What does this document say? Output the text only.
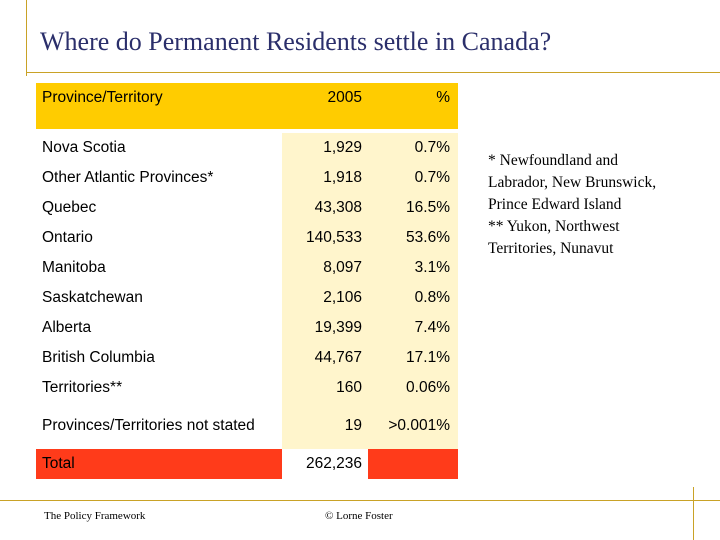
Where do Permanent Residents settle in Canada?
Province/Territory	2005	%

Nova Scotia	1,929	0.7%
Other Atlantic Provinces*	1,918	0.7%
Quebec	43,308	16.5%
Ontario	140,533	53.6%
Manitoba	8,097	3.1%
Saskatchewan	2,106	0.8%
Alberta	19,399	7.4%
British Columbia	44,767	17.1%
Territories**	160	0.06%
Provinces/Territories not stated	19	>0.001%
Total	262,236	
* Newfoundland and Labrador, New Brunswick, Prince Edward Island
** Yukon, Northwest Territories, Nunavut
The Policy Framework	© Lorne Foster
